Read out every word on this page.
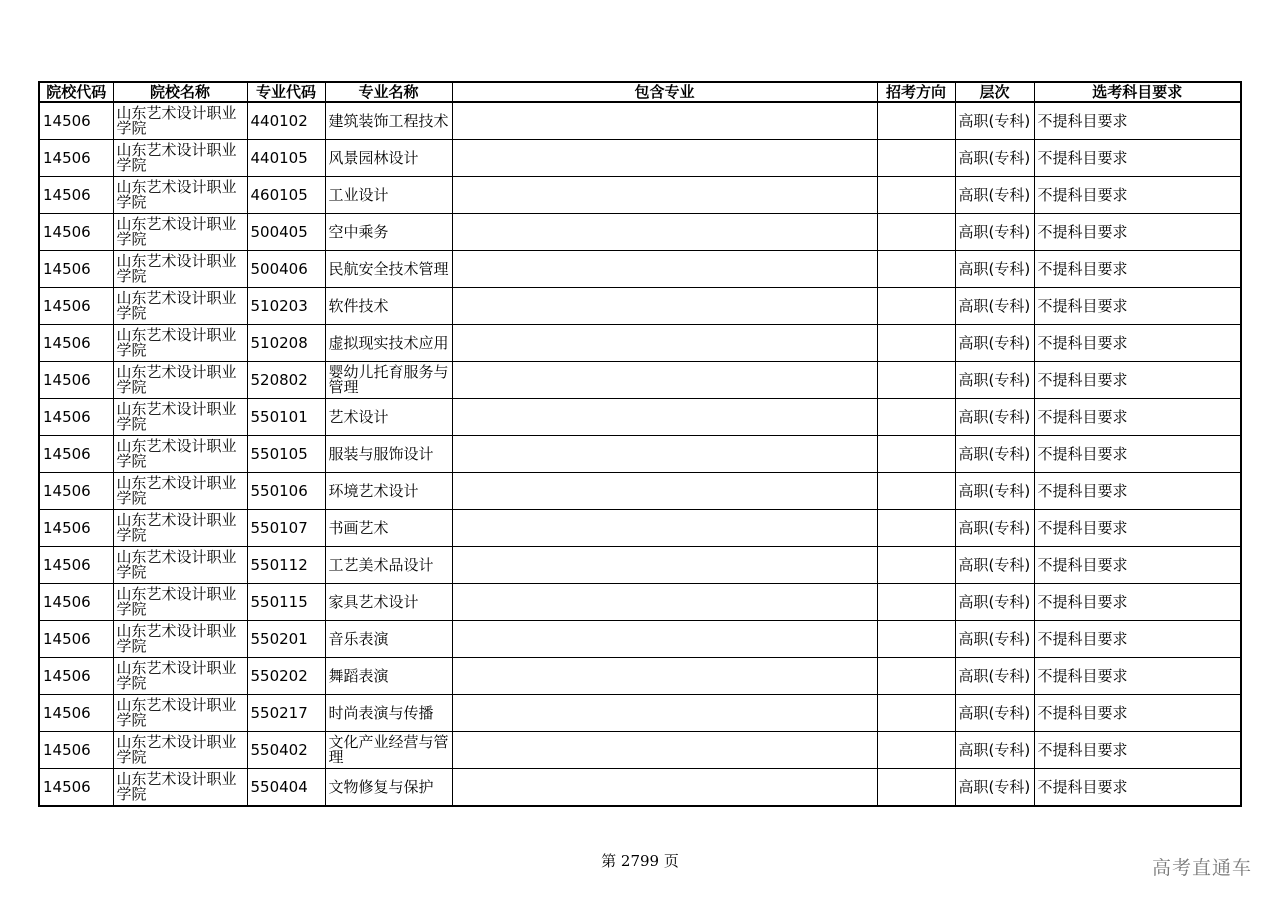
院校代码	院校名称	专业代码	专业名称	包含专业	招考方向	层次	选考科目要求
14506	山东艺术设计职业学院	440102	建筑装饰工程技术			高职(专科)	不提科目要求
14506	山东艺术设计职业学院	440105	风景园林设计			高职(专科)	不提科目要求
14506	山东艺术设计职业学院	460105	工业设计			高职(专科)	不提科目要求
14506	山东艺术设计职业学院	500405	空中乘务			高职(专科)	不提科目要求
14506	山东艺术设计职业学院	500406	民航安全技术管理			高职(专科)	不提科目要求
14506	山东艺术设计职业学院	510203	软件技术			高职(专科)	不提科目要求
14506	山东艺术设计职业学院	510208	虚拟现实技术应用			高职(专科)	不提科目要求
14506	山东艺术设计职业学院	520802	婴幼儿托育服务与管理			高职(专科)	不提科目要求
14506	山东艺术设计职业学院	550101	艺术设计			高职(专科)	不提科目要求
14506	山东艺术设计职业学院	550105	服装与服饰设计			高职(专科)	不提科目要求
14506	山东艺术设计职业学院	550106	环境艺术设计			高职(专科)	不提科目要求
14506	山东艺术设计职业学院	550107	书画艺术			高职(专科)	不提科目要求
14506	山东艺术设计职业学院	550112	工艺美术品设计			高职(专科)	不提科目要求
14506	山东艺术设计职业学院	550115	家具艺术设计			高职(专科)	不提科目要求
14506	山东艺术设计职业学院	550201	音乐表演			高职(专科)	不提科目要求
14506	山东艺术设计职业学院	550202	舞蹈表演			高职(专科)	不提科目要求
14506	山东艺术设计职业学院	550217	时尚表演与传播			高职(专科)	不提科目要求
14506	山东艺术设计职业学院	550402	文化产业经营与管理			高职(专科)	不提科目要求
14506	山东艺术设计职业学院	550404	文物修复与保护			高职(专科)	不提科目要求
第 2799 页	高考直通车
